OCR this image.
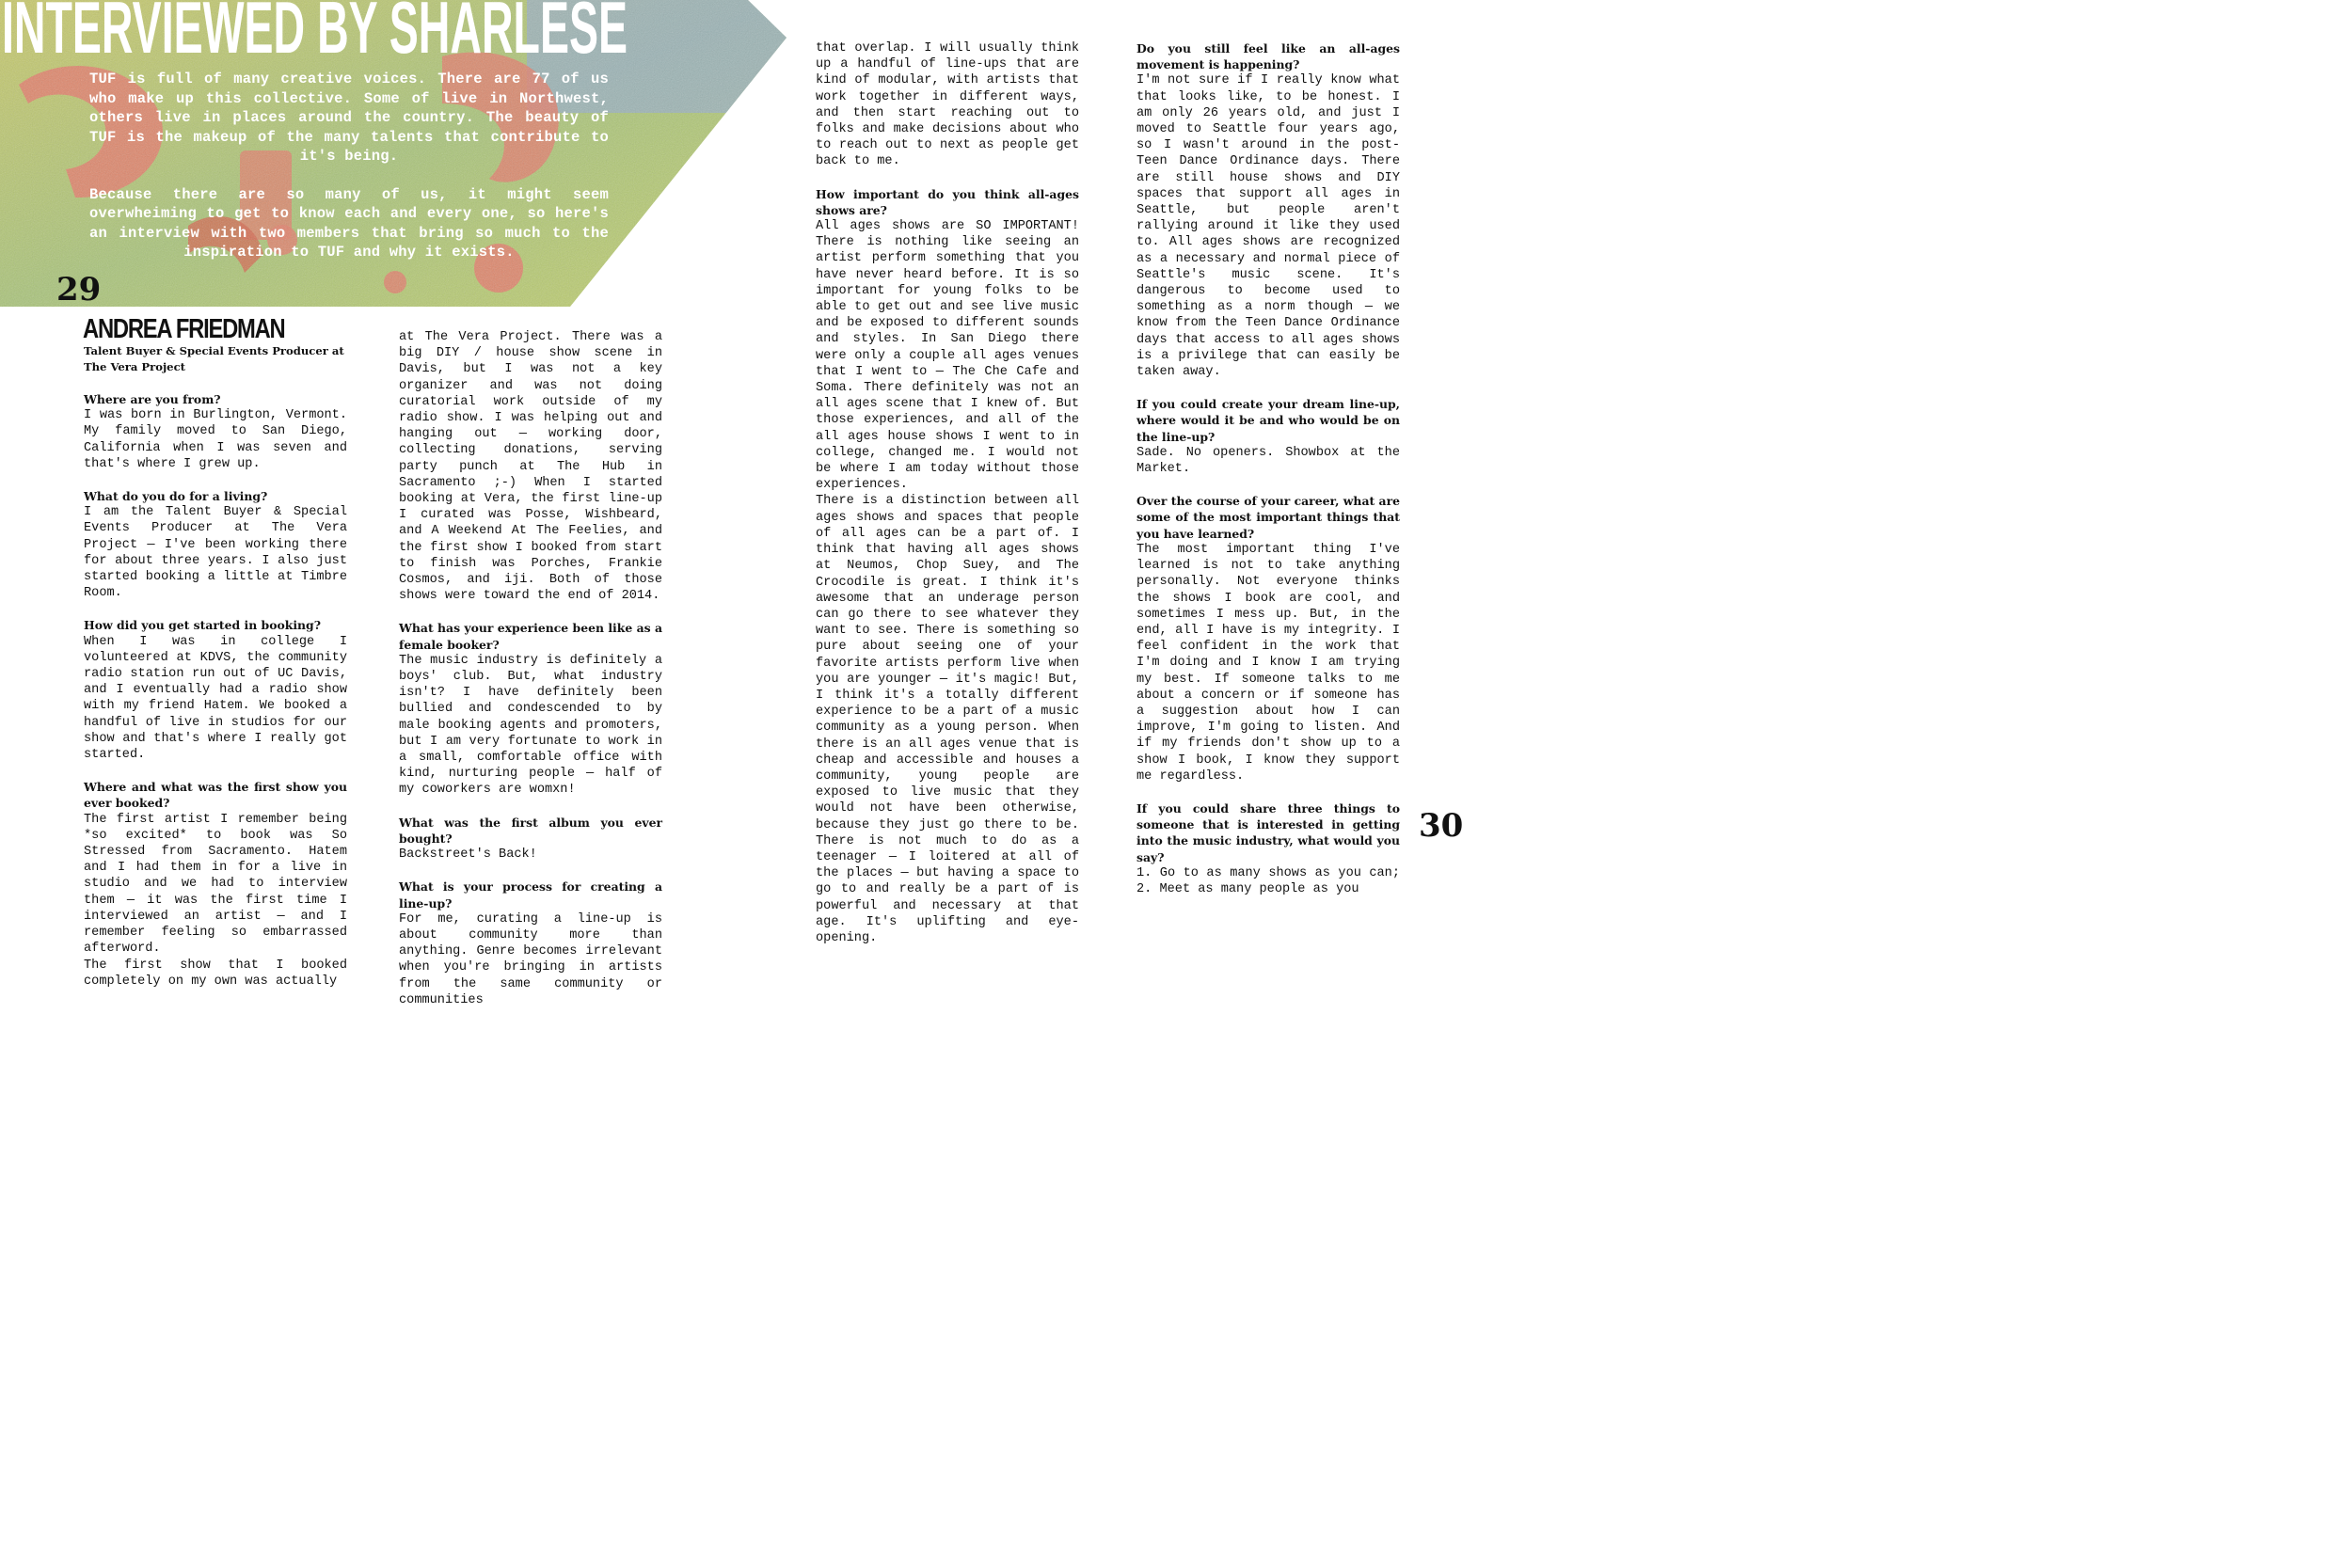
INTERVIEWED BY SHARLESE

TUF is full of many creative voices. There are 77 of us who make up this collective. Some of live in Northwest, others live in places around the country. The beauty of TUF is the makeup of the many talents that contribute to it's being.

Because there are so many of us, it might seem overwheiming to get to know each and every one, so here's an interview with two members that bring so much to the inspiration to TUF and why it exists.

29
30
ANDREA FRIEDMAN
Talent Buyer & Special Events Producer at The Vera Project
Where are you from?
I was born in Burlington, Vermont. My family moved to San Diego, California when I was seven and that's where I grew up.
What do you do for a living?
I am the Talent Buyer & Special Events Producer at The Vera Project — I've been working there for about three years. I also just started booking a little at Timbre Room.
How did you get started in booking?
When I was in college I volunteered at KDVS, the community radio station run out of UC Davis, and I eventually had a radio show with my friend Hatem. We booked a handful of live in studios for our show and that's where I really got started.
Where and what was the first show you ever booked?
The first artist I remember being *so excited* to book was So Stressed from Sacramento. Hatem and I had them in for a live in studio and we had to interview them — it was the first time I interviewed an artist — and I remember feeling so embarrassed afterword.
The first show that I booked completely on my own was actually
at The Vera Project. There was a big DIY / house show scene in Davis, but I was not a key organizer and was not doing curatorial work outside of my radio show. I was helping out and hanging out — working door, collecting donations, serving party punch at The Hub in Sacramento ;-) When I started booking at Vera, the first line-up I curated was Posse, Wishbeard, and A Weekend At The Feelies, and the first show I booked from start to finish was Porches, Frankie Cosmos, and iji. Both of those shows were toward the end of 2014.
What has your experience been like as a female booker?
The music industry is definitely a boys' club. But, what industry isn't? I have definitely been bullied and condescended to by male booking agents and promoters, but I am very fortunate to work in a small, comfortable office with kind, nurturing people — half of my coworkers are womxn!
What was the first album you ever bought?
Backstreet's Back!
What is your process for creating a line-up?
For me, curating a line-up is about community more than anything. Genre becomes irrelevant when you're bringing in artists from the same community or communities
that overlap. I will usually think up a handful of line-ups that are kind of modular, with artists that work together in different ways, and then start reaching out to folks and make decisions about who to reach out to next as people get back to me.
How important do you think all-ages shows are?
All ages shows are SO IMPORTANT! There is nothing like seeing an artist perform something that you have never heard before. It is so important for young folks to be able to get out and see live music and be exposed to different sounds and styles. In San Diego there were only a couple all ages venues that I went to — The Che Cafe and Soma. There definitely was not an all ages scene that I knew of. But those experiences, and all of the all ages house shows I went to in college, changed me. I would not be where I am today without those experiences.
There is a distinction between all ages shows and spaces that people of all ages can be a part of. I think that having all ages shows at Neumos, Chop Suey, and The Crocodile is great. I think it's awesome that an underage person can go there to see whatever they want to see. There is something so pure about seeing one of your favorite artists perform live when you are younger — it's magic! But, I think it's a totally different experience to be a part of a music community as a young person. When there is an all ages venue that is cheap and accessible and houses a community, young people are exposed to live music that they would not have been otherwise, because they just go there to be. There is not much to do as a teenager — I loitered at all of the places — but having a space to go to and really be a part of is powerful and necessary at that age. It's uplifting and eye-opening.
Do you still feel like an all-ages movement is happening?
I'm not sure if I really know what that looks like, to be honest. I am only 26 years old, and just I moved to Seattle four years ago, so I wasn't around in the post-Teen Dance Ordinance days. There are still house shows and DIY spaces that support all ages in Seattle, but people aren't rallying around it like they used to. All ages shows are recognized as a necessary and normal piece of Seattle's music scene. It's dangerous to become used to something as a norm though — we know from the Teen Dance Ordinance days that access to all ages shows is a privilege that can easily be taken away.
If you could create your dream line-up, where would it be and who would be on the line-up?
Sade. No openers. Showbox at the Market.
Over the course of your career, what are some of the most important things that you have learned?
The most important thing I've learned is not to take anything personally. Not everyone thinks the shows I book are cool, and sometimes I mess up. But, in the end, all I have is my integrity. I feel confident in the work that I'm doing and I know I am trying my best. If someone talks to me about a concern or if someone has a suggestion about how I can improve, I'm going to listen. And if my friends don't show up to a show I book, I know they support me regardless.
If you could share three things to someone that is interested in getting into the music industry, what would you say?
1. Go to as many shows as you can; 2. Meet as many people as you
